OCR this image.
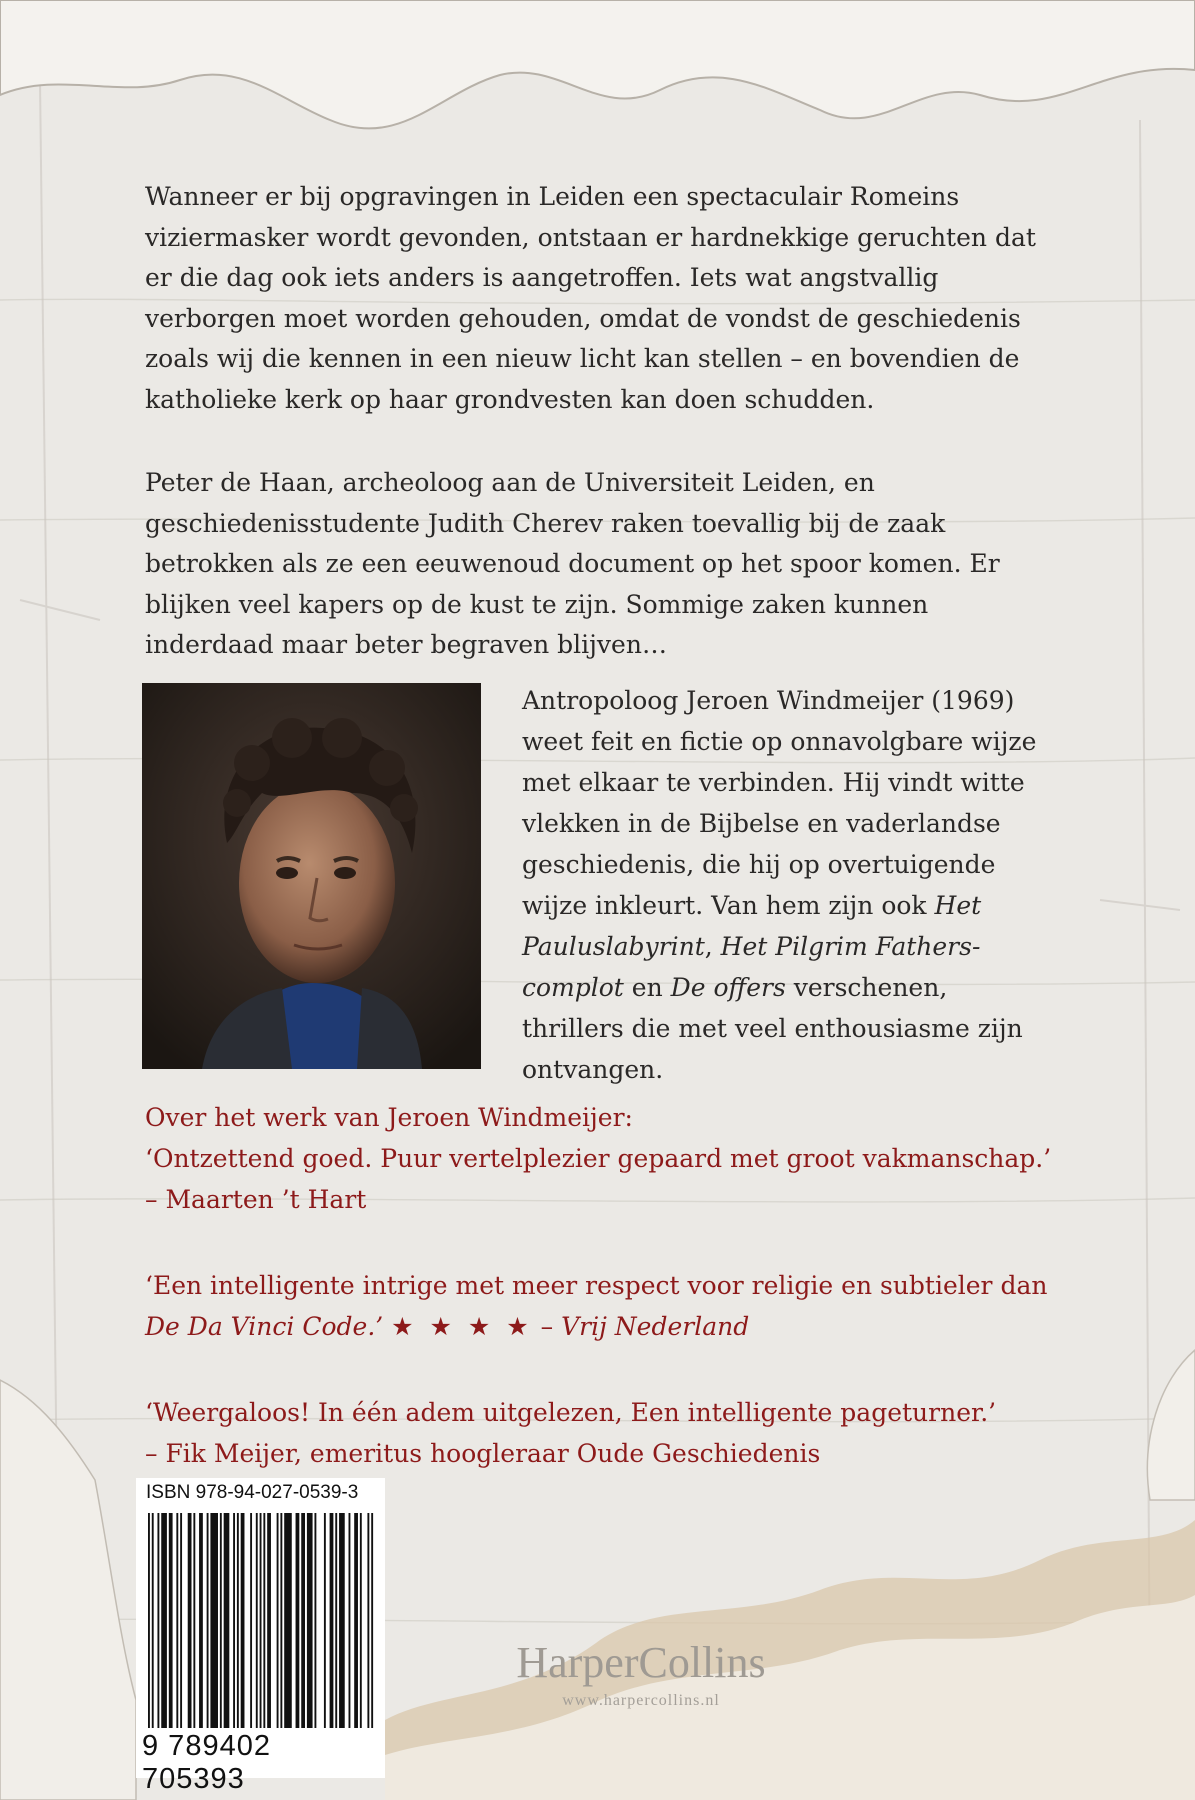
Wanneer er bij opgravingen in Leiden een spectaculair Romeins viziermasker wordt gevonden, ontstaan er hardnekkige geruchten dat er die dag ook iets anders is aangetroffen. Iets wat angstvallig verborgen moet worden gehouden, omdat de vondst de geschiedenis zoals wij die kennen in een nieuw licht kan stellen – en bovendien de katholieke kerk op haar grondvesten kan doen schudden.

Peter de Haan, archeoloog aan de Universiteit Leiden, en geschiedenisstudente Judith Cherev raken toevallig bij de zaak betrokken als ze een eeuwenoud document op het spoor komen. Er blijken veel kapers op de kust te zijn. Sommige zaken kunnen inderdaad maar beter begraven blijven…

Antropoloog Jeroen Windmeijer (1969) weet feit en fictie op onnavolgbare wijze met elkaar te verbinden. Hij vindt witte vlekken in de Bijbelse en vaderlandse geschiedenis, die hij op overtuigende wijze inkleurt. Van hem zijn ook Het Pauluslabyrint, Het Pilgrim Fathers-complot en De offers verschenen, thrillers die met veel enthousiasme zijn ontvangen.
Over het werk van Jeroen Windmeijer:
‘Ontzettend goed. Puur vertelplezier gepaard met groot vakmanschap.’
– Maarten ’t Hart
‘Een intelligente intrige met meer respect voor religie en subtieler dan
De Da Vinci Code.’ ★ ★ ★ ★ – Vrij Nederland
‘Weergaloos! In één adem uitgelezen, Een intelligente pageturner.’
– Fik Meijer, emeritus hoogleraar Oude Geschiedenis
ISBN 978-94-027-0539-3
9 789402 705393
HarperCollins
www.harpercollins.nl
